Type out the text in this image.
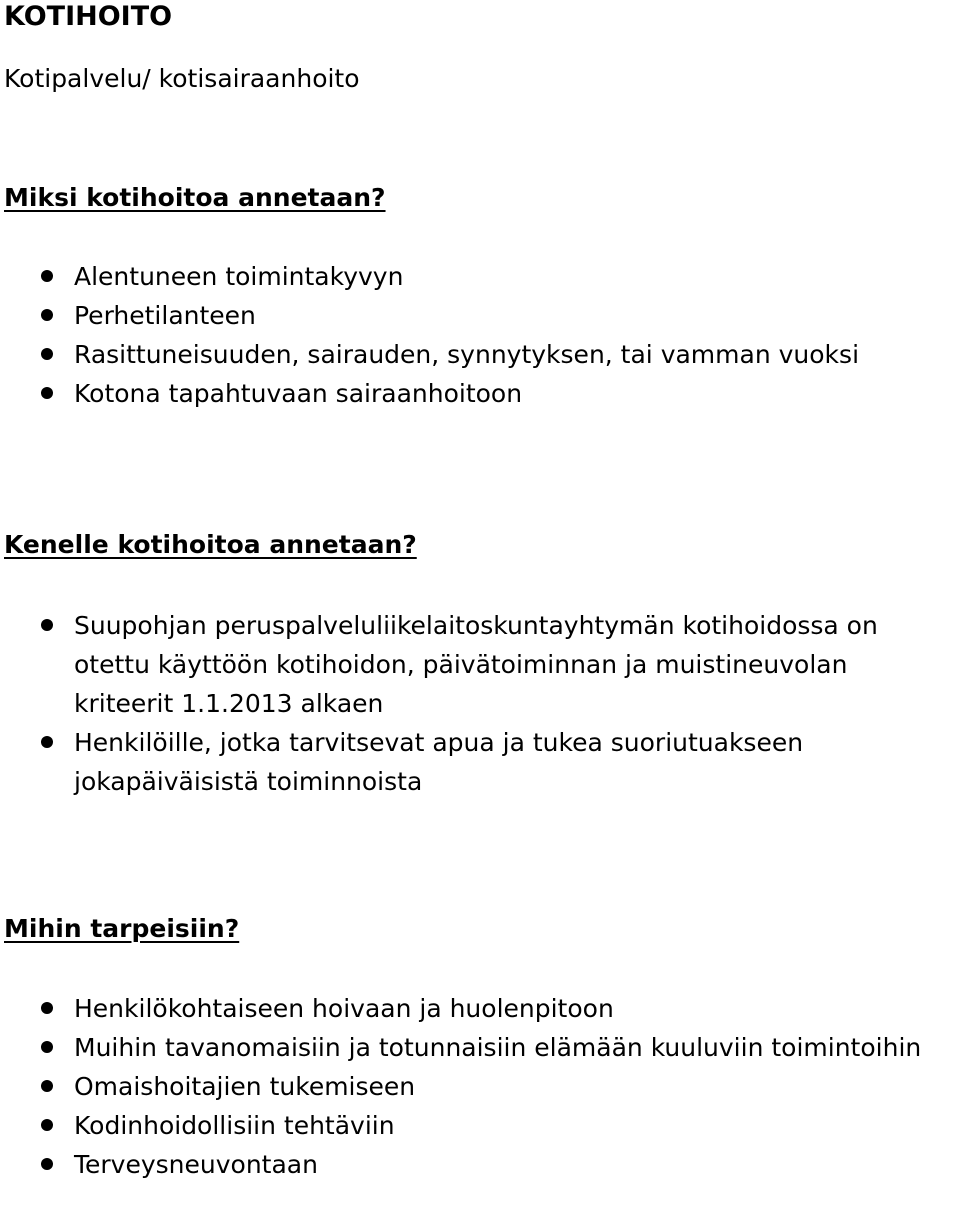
KOTIHOITO

Kotipalvelu/ kotisairaanhoito

Miksi kotihoitoa annetaan?
Alentuneen toimintakyvyn
Perhetilanteen
Rasittuneisuuden, sairauden, synnytyksen, tai vamman vuoksi
Kotona tapahtuvaan sairaanhoitoon
Kenelle kotihoitoa annetaan?
Suupohjan peruspalveluliikelaitoskuntayhtymän kotihoidossa on otettu käyttöön kotihoidon, päivätoiminnan ja muistineuvolan kriteerit 1.1.2013 alkaen
Henkilöille, jotka tarvitsevat apua ja tukea suoriutuakseen jokapäiväisistä toiminnoista
Mihin tarpeisiin?
Henkilökohtaiseen hoivaan ja huolenpitoon
Muihin tavanomaisiin ja totunnaisiin elämään kuuluviin toimintoihin
Omaishoitajien tukemiseen
Kodinhoidollisiin tehtäviin
Terveysneuvontaan
